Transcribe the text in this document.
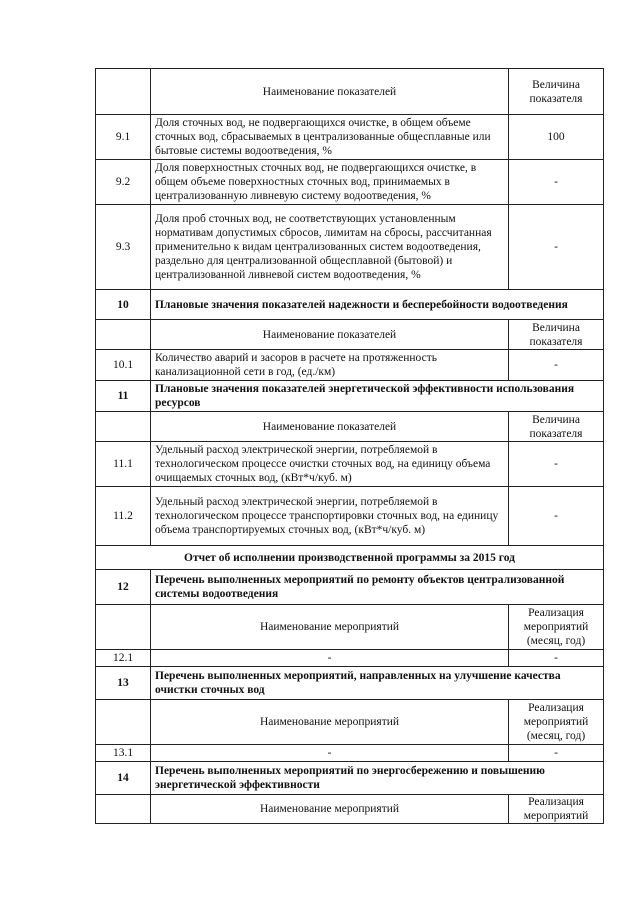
	Наименование показателей	Величина показателя
9.1	Доля сточных вод, не подвергающихся очистке, в общем объеме сточных вод, сбрасываемых в централизованные общесплавные или бытовые системы водоотведения, %	100
9.2	Доля поверхностных сточных вод, не подвергающихся очистке, в общем объеме поверхностных сточных вод, принимаемых в централизованную ливневую систему водоотведения, %	-
9.3	Доля проб сточных вод, не соответствующих установленным нормативам допустимых сбросов, лимитам на сбросы, рассчитанная применительно к видам централизованных систем водоотведения, раздельно для централизованной общесплавной (бытовой) и централизованной ливневой систем водоотведения, %	-
10	Плановые значения показателей надежности и бесперебойности водоотведения	
	Наименование показателей	Величина показателя
10.1	Количество аварий и засоров в расчете на протяженность канализационной сети в год, (ед./км)	-
11	Плановые значения показателей энергетической эффективности использования ресурсов	
	Наименование показателей	Величина показателя
11.1	Удельный расход электрической энергии, потребляемой в технологическом процессе очистки сточных вод, на единицу объема очищаемых сточных вод, (кВт*ч/куб. м)	-
11.2	Удельный расход электрической энергии, потребляемой в технологическом процессе транспортировки сточных вод, на единицу объема транспортируемых сточных вод, (кВт*ч/куб. м)	-
Отчет об исполнении производственной программы за 2015 год		
12	Перечень выполненных мероприятий по ремонту объектов централизованной системы водоотведения	
	Наименование мероприятий	Реализация мероприятий (месяц, год)
12.1	-	-
13	Перечень выполненных мероприятий, направленных на улучшение качества очистки сточных вод	
	Наименование мероприятий	Реализация мероприятий (месяц, год)
13.1	-	-
14	Перечень выполненных мероприятий по энергосбережению и повышению энергетической эффективности	
	Наименование мероприятий	Реализация мероприятий
